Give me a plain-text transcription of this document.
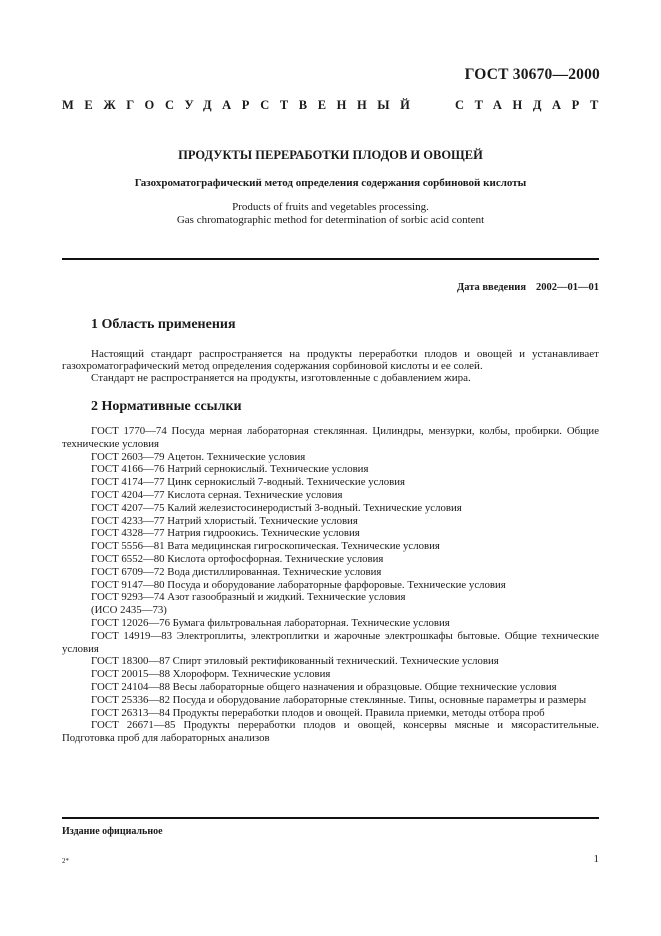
ГОСТ 30670—2000
МЕЖГОСУДАРСТВЕННЫЙ	СТАНДАРТ
ПРОДУКТЫ ПЕРЕРАБОТКИ ПЛОДОВ И ОВОЩЕЙ
Газохроматографический метод определения содержания сорбиновой кислоты
Products of fruits and vegetables processing.
Gas chromatographic method for determination of sorbic acid content
Дата введения 2002—01—01
1 Область применения

Настоящий стандарт распространяется на продукты переработки плодов и овощей и устанавливает газохроматографический метод определения содержания сорбиновой кислоты и ее солей.

Стандарт не распространяется на продукты, изготовленные с добавлением жира.

2 Нормативные ссылки

ГОСТ 1770—74 Посуда мерная лабораторная стеклянная. Цилиндры, мензурки, колбы, пробирки. Общие технические условия

ГОСТ 2603—79 Ацетон. Технические условия

ГОСТ 4166—76 Натрий сернокислый. Технические условия

ГОСТ 4174—77 Цинк сернокислый 7-водный. Технические условия

ГОСТ 4204—77 Кислота серная. Технические условия

ГОСТ 4207—75 Калий железистосинеродистый 3-водный. Технические условия

ГОСТ 4233—77 Натрий хлористый. Технические условия

ГОСТ 4328—77 Натрия гидроокись. Технические условия

ГОСТ 5556—81 Вата медицинская гигроскопическая. Технические условия

ГОСТ 6552—80 Кислота ортофосфорная. Технические условия

ГОСТ 6709—72 Вода дистиллированная. Технические условия

ГОСТ 9147—80 Посуда и оборудование лабораторные фарфоровые. Технические условия

ГОСТ 9293—74 Азот газообразный и жидкий. Технические условия

(ИСО 2435—73)

ГОСТ 12026—76 Бумага фильтровальная лабораторная. Технические условия

ГОСТ 14919—83 Электроплиты, электроплитки и жарочные электрошкафы бытовые. Общие технические условия

ГОСТ 18300—87 Спирт этиловый ректификованный технический. Технические условия

ГОСТ 20015—88 Хлороформ. Технические условия

ГОСТ 24104—88 Весы лабораторные общего назначения и образцовые. Общие технические условия

ГОСТ 25336—82 Посуда и оборудование лабораторные стеклянные. Типы, основные параметры и размеры

ГОСТ 26313—84 Продукты переработки плодов и овощей. Правила приемки, методы отбора проб

ГОСТ 26671—85 Продукты переработки плодов и овощей, консервы мясные и мясорастительные. Подготовка проб для лабораторных анализов

Издание официальное
2*	1
